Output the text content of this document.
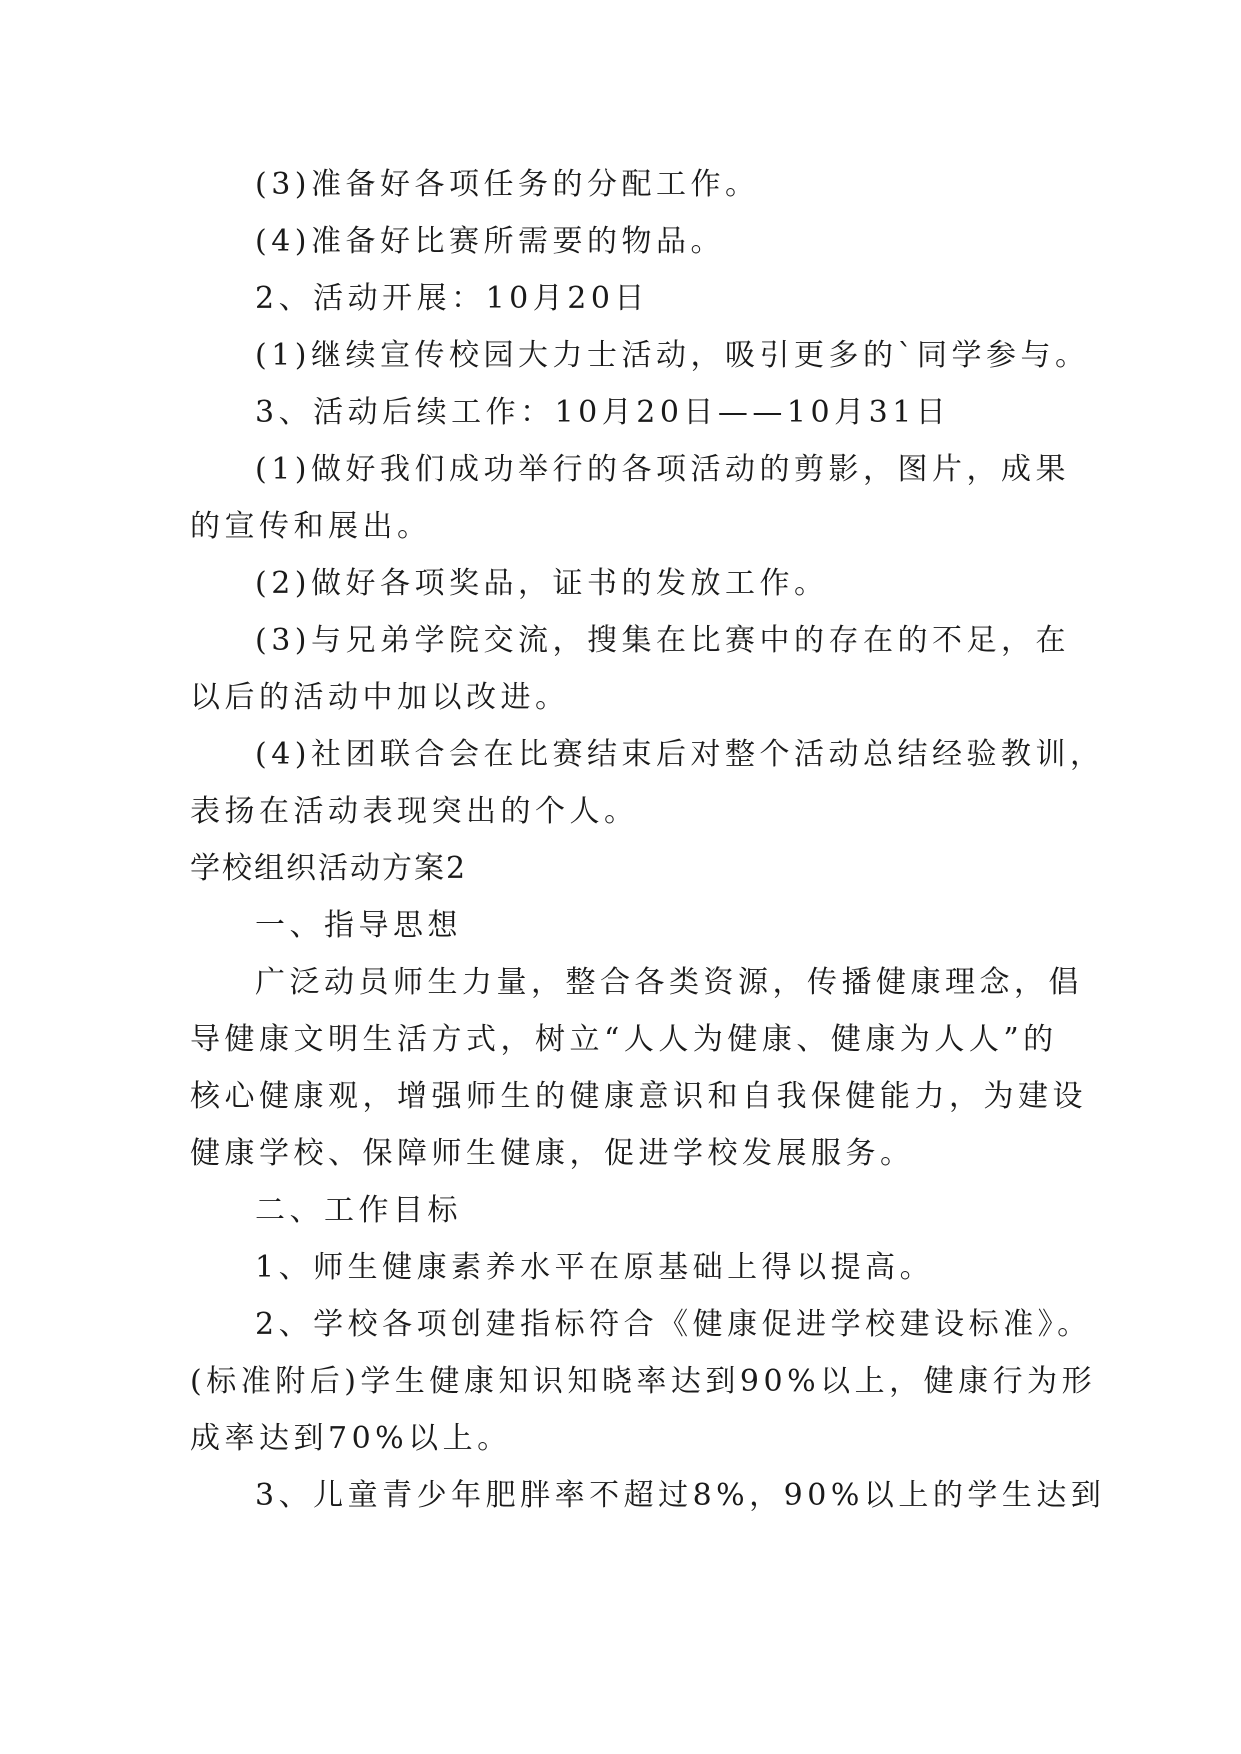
(3)准备好各项任务的分配工作。
(4)准备好比赛所需要的物品。
2、活动开展：10月20日
(1)继续宣传校园大力士活动，吸引更多的`同学参与。
3、活动后续工作：10月20日——10月31日
(1)做好我们成功举行的各项活动的剪影，图片，成果
的宣传和展出。
(2)做好各项奖品，证书的发放工作。
(3)与兄弟学院交流，搜集在比赛中的存在的不足，在
以后的活动中加以改进。
(4)社团联合会在比赛结束后对整个活动总结经验教训，
表扬在活动表现突出的个人。
学校组织活动方案2
一、指导思想
广泛动员师生力量，整合各类资源，传播健康理念，倡
导健康文明生活方式，树立“人人为健康、健康为人人”的
核心健康观，增强师生的健康意识和自我保健能力，为建设
健康学校、保障师生健康，促进学校发展服务。
二、工作目标
1、师生健康素养水平在原基础上得以提高。
2、学校各项创建指标符合《健康促进学校建设标准》。
(标准附后)学生健康知识知晓率达到90%以上，健康行为形
成率达到70%以上。
3、儿童青少年肥胖率不超过8%，90%以上的学生达到
